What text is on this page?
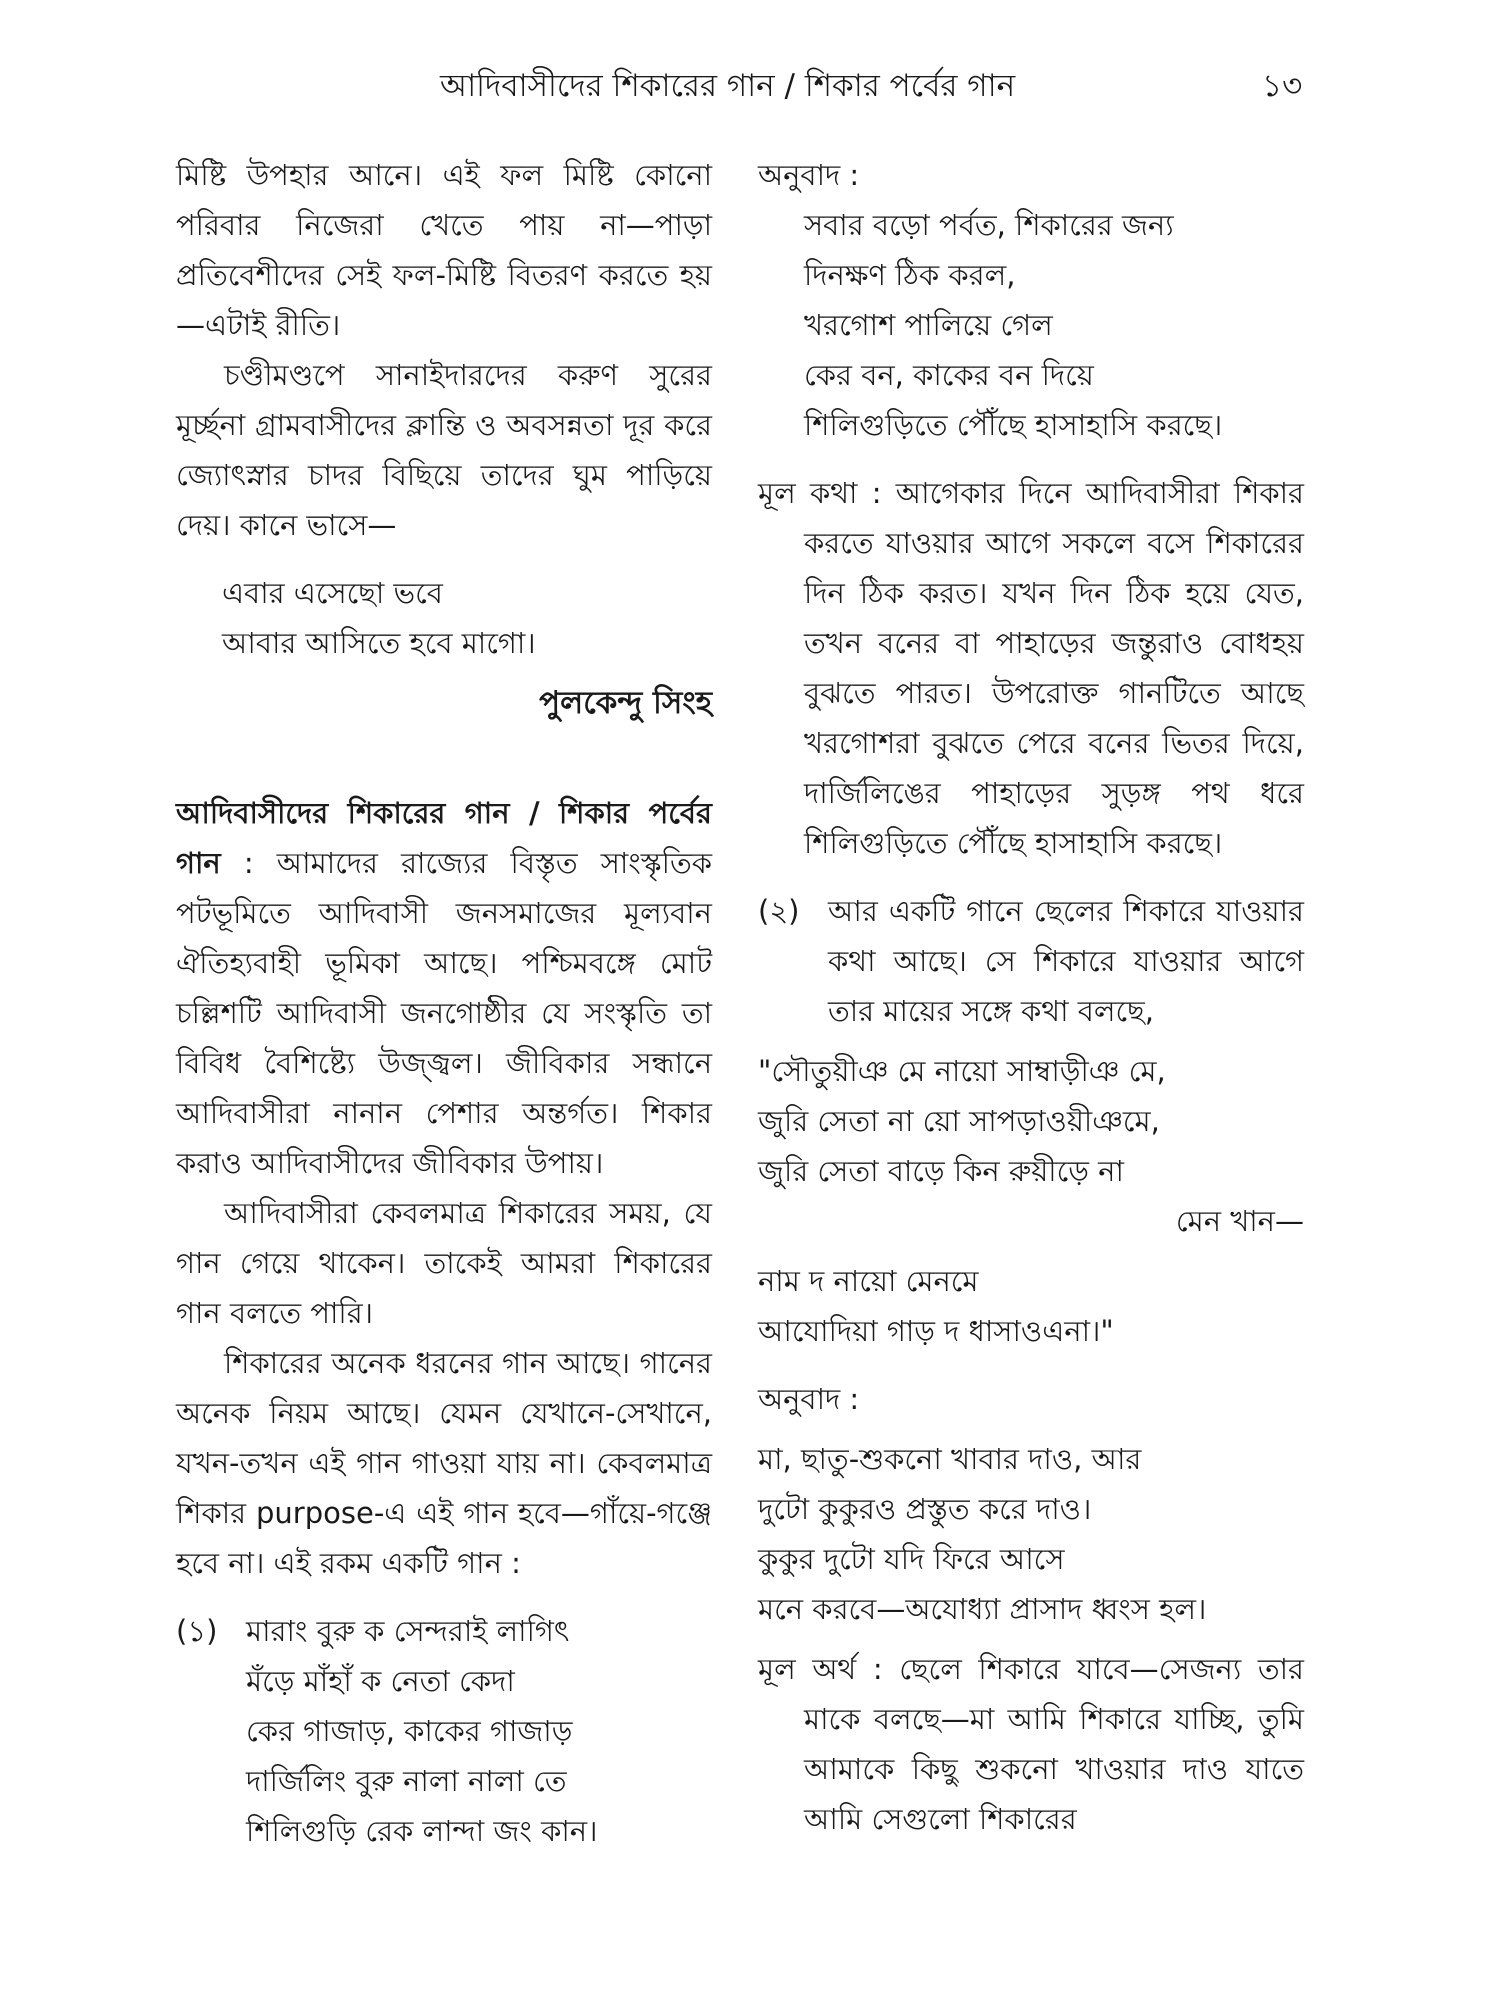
আদিবাসীদের শিকারের গান / শিকার পর্বের গান	১৩

মিষ্টি উপহার আনে। এই ফল মিষ্টি কোনো পরিবার নিজেরা খেতে পায় না—পাড়া প্রতিবেশীদের সেই ফল-মিষ্টি বিতরণ করতে হয়—এটাই রীতি।

চণ্ডীমণ্ডপে সানাইদারদের করুণ সুরের মূর্চ্ছনা গ্রামবাসীদের ক্লান্তি ও অবসন্নতা দূর করে জ্যোৎস্নার চাদর বিছিয়ে তাদের ঘুম পাড়িয়ে দেয়। কানে ভাসে—

এবার এসেছো ভবে
আবার আসিতে হবে মাগো।

পুলকেন্দু সিংহ

আদিবাসীদের শিকারের গান / শিকার পর্বের গান : আমাদের রাজ্যের বিস্তৃত সাংস্কৃতিক পটভূমিতে আদিবাসী জনসমাজের মূল্যবান ঐতিহ্যবাহী ভূমিকা আছে। পশ্চিমবঙ্গে মোট চল্লিশটি আদিবাসী জনগোষ্ঠীর যে সংস্কৃতি তা বিবিধ বৈশিষ্ট্যে উজ্জ্বল। জীবিকার সন্ধানে আদিবাসীরা নানান পেশার অন্তর্গত। শিকার করাও আদিবাসীদের জীবিকার উপায়।

আদিবাসীরা কেবলমাত্র শিকারের সময়, যে গান গেয়ে থাকেন। তাকেই আমরা শিকারের গান বলতে পারি।

শিকারের অনেক ধরনের গান আছে। গানের অনেক নিয়ম আছে। যেমন যেখানে-সেখানে, যখন-তখন এই গান গাওয়া যায় না। কেবলমাত্র শিকার purpose-এ এই গান হবে—গাঁয়ে-গঞ্জে হবে না। এই রকম একটি গান :

(১) মারাং বুরু ক সেন্দরাই লাগিৎ
মঁড়ে মাঁহাঁ ক নেতা কেদা
কের গাজাড়, কাকের গাজাড়
দার্জিলিং বুরু নালা নালা তে
শিলিগুড়ি রেক লান্দা জং কান।

অনুবাদ :

সবার বড়ো পর্বত, শিকারের জন্য
দিনক্ষণ ঠিক করল,
খরগোশ পালিয়ে গেল
কের বন, কাকের বন দিয়ে
শিলিগুড়িতে পৌঁছে হাসাহাসি করছে।

মূল কথা : আগেকার দিনে আদিবাসীরা শিকার করতে যাওয়ার আগে সকলে বসে শিকারের দিন ঠিক করত। যখন দিন ঠিক হয়ে যেত, তখন বনের বা পাহাড়ের জন্তুরাও বোধহয় বুঝতে পারত। উপরোক্ত গানটিতে আছে খরগোশরা বুঝতে পেরে বনের ভিতর দিয়ে, দার্জিলিঙের পাহাড়ের সুড়ঙ্গ পথ ধরে শিলিগুড়িতে পৌঁছে হাসাহাসি করছে।

(২) আর একটি গানে ছেলের শিকারে যাওয়ার কথা আছে। সে শিকারে যাওয়ার আগে তার মায়ের সঙ্গে কথা বলছে,

"সৌতুয়ীঞ মে নায়ো সাম্বাড়ীঞ মে,
জুরি সেতা না য়ো সাপড়াওয়ীঞমে,
জুরি সেতা বাড়ে কিন রুয়ীড়ে না
মেন খান—
নাম দ নায়ো মেনমে
আযোদিয়া গাড় দ ধাসাওএনা।"

অনুবাদ :

মা, ছাতু-শুকনো খাবার দাও, আর
দুটো কুকুরও প্রস্তুত করে দাও।
কুকুর দুটো যদি ফিরে আসে
মনে করবে—অযোধ্যা প্রাসাদ ধ্বংস হল।

মূল অর্থ : ছেলে শিকারে যাবে—সেজন্য তার মাকে বলছে—মা আমি শিকারে যাচ্ছি, তুমি আমাকে কিছু শুকনো খাওয়ার দাও যাতে আমি সেগুলো শিকারের
